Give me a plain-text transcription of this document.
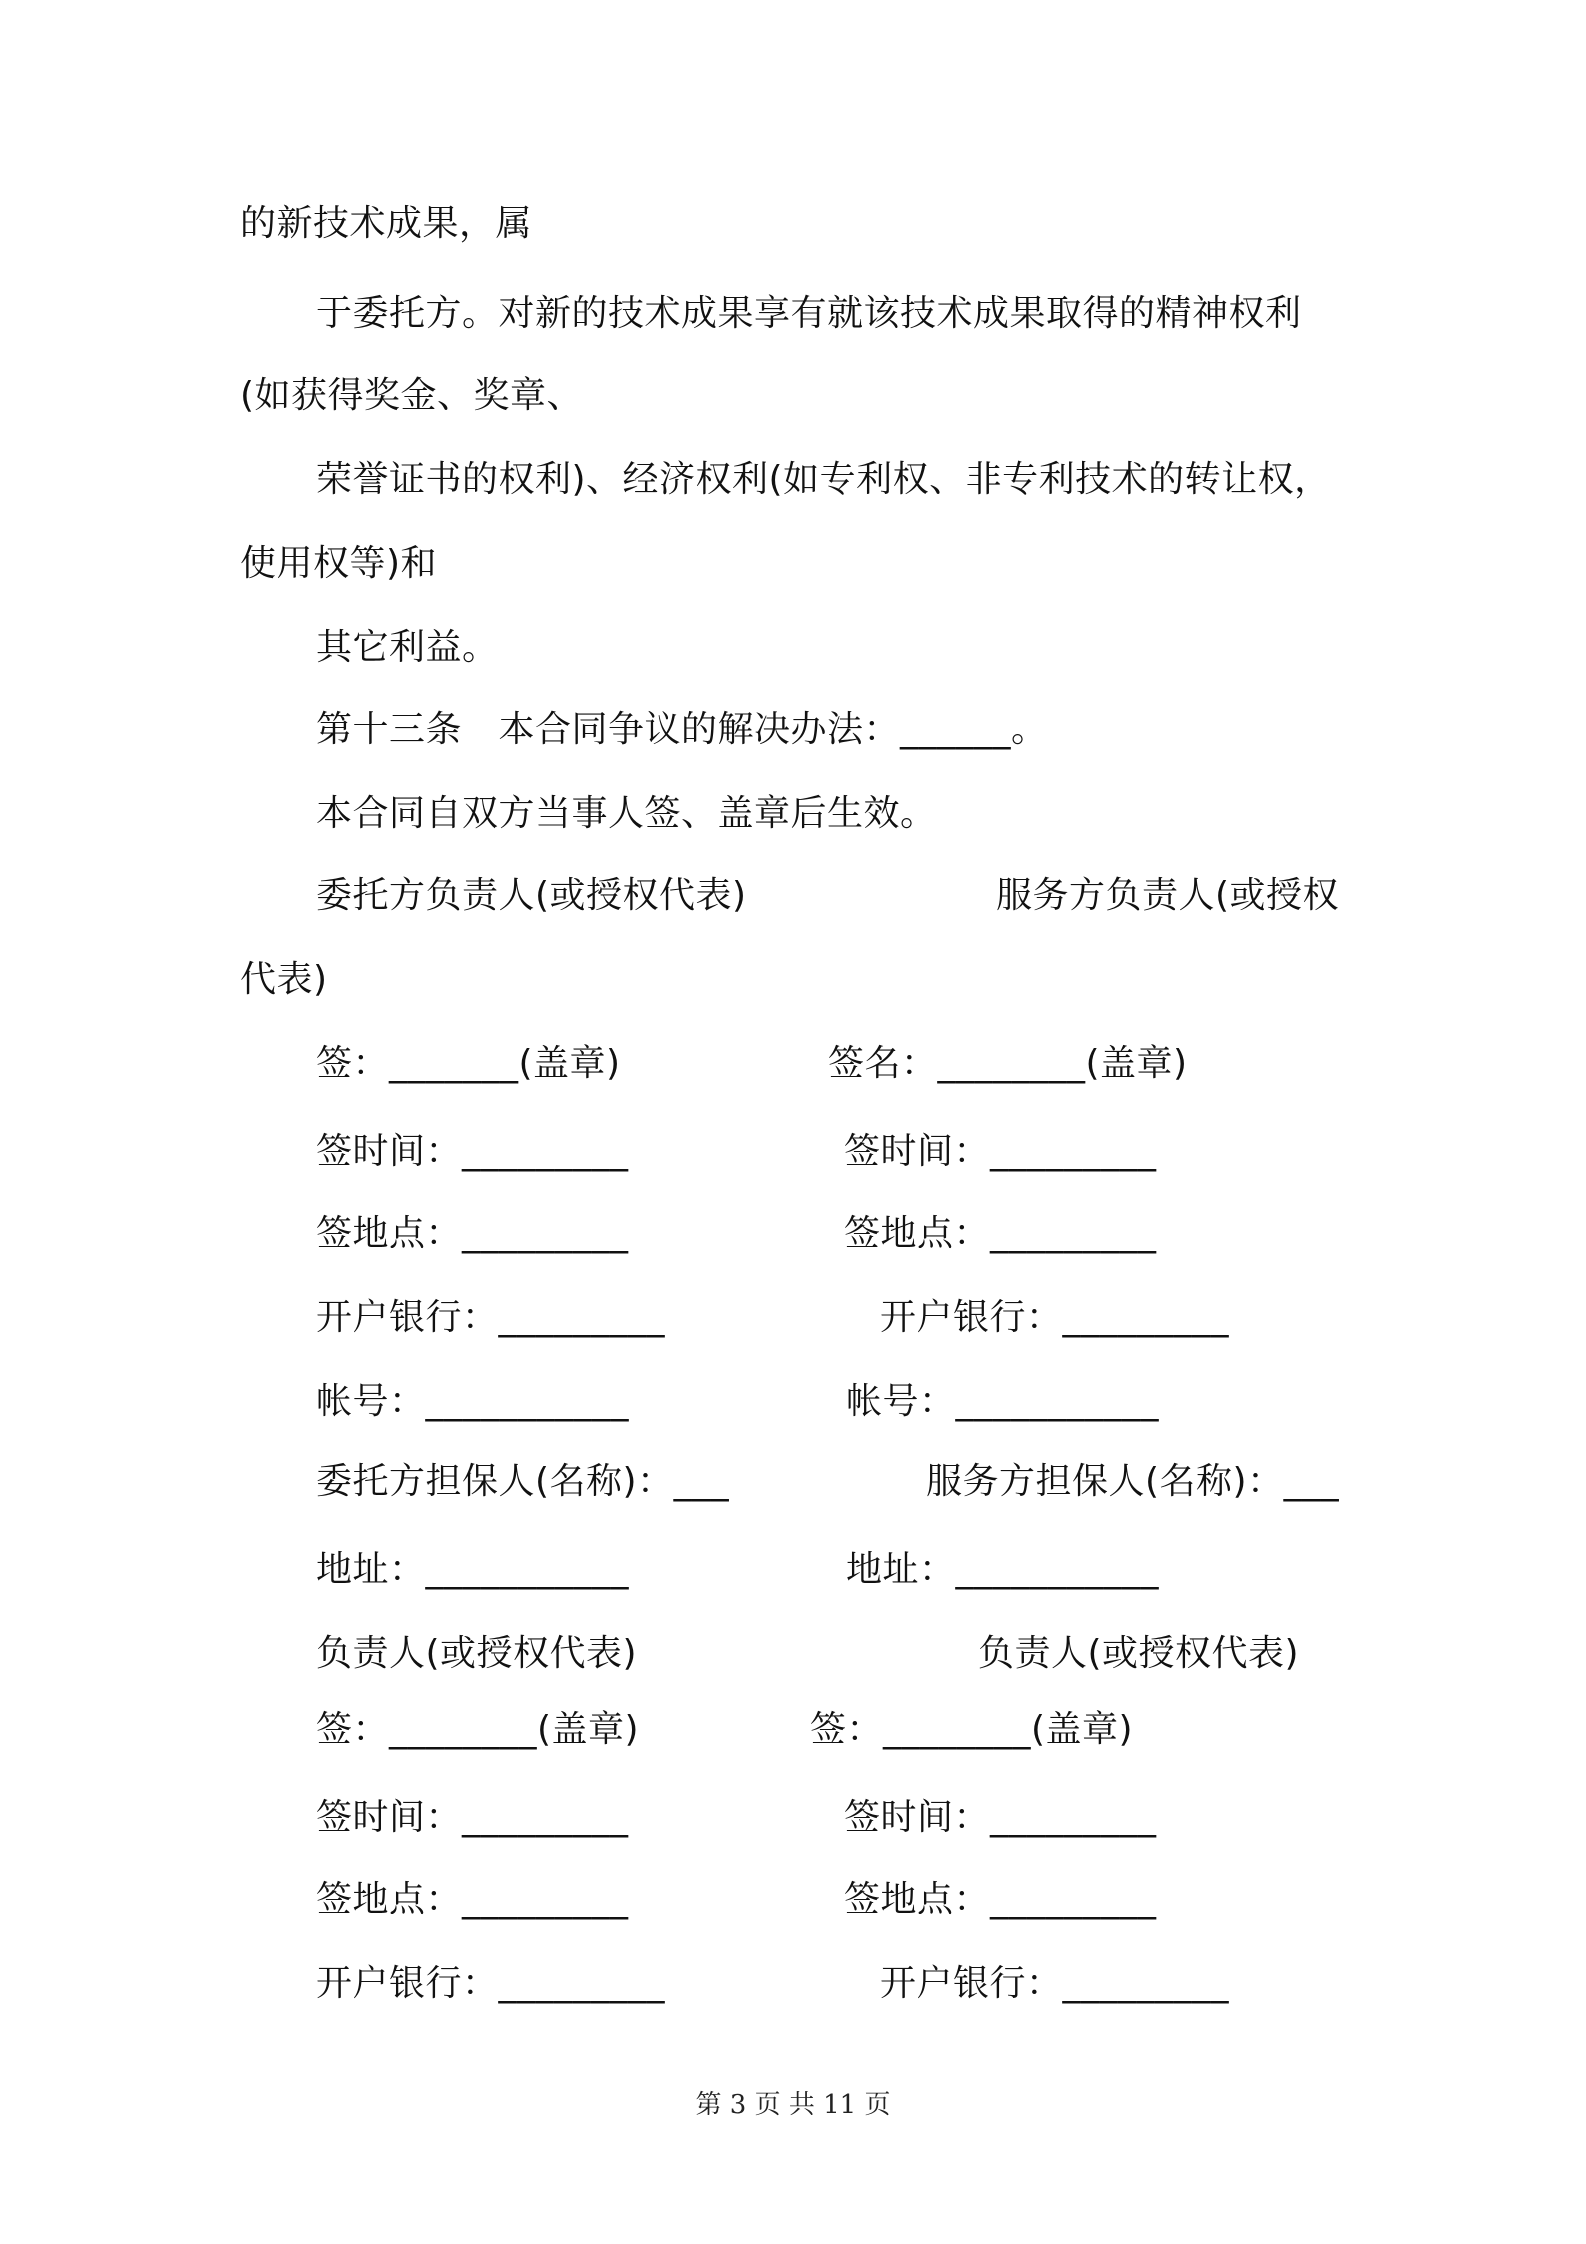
的新技术成果，属
于委托方。对新的技术成果享有就该技术成果取得的精神权利
(如获得奖金、奖章、
荣誉证书的权利)、经济权利(如专利权、非专利技术的转让权，
使用权等)和
其它利益。
第十三条　本合同争议的解决办法：______。
本合同自双方当事人签、盖章后生效。
委托方负责人(或授权代表)	服务方负责人(或授权
代表)
签：_______(盖章)	签名：________(盖章)
签时间：_________	签时间：_________
签地点：_________	签地点：_________
开户银行：_________	开户银行：_________
帐号：___________	帐号：___________
委托方担保人(名称)：___	服务方担保人(名称)：___
地址：___________	地址：___________
负责人(或授权代表)	负责人(或授权代表)
签：________(盖章)	签：________(盖章)
签时间：_________	签时间：_________
签地点：_________	签地点：_________
开户银行：_________	开户银行：_________
第 3 页 共 11 页
